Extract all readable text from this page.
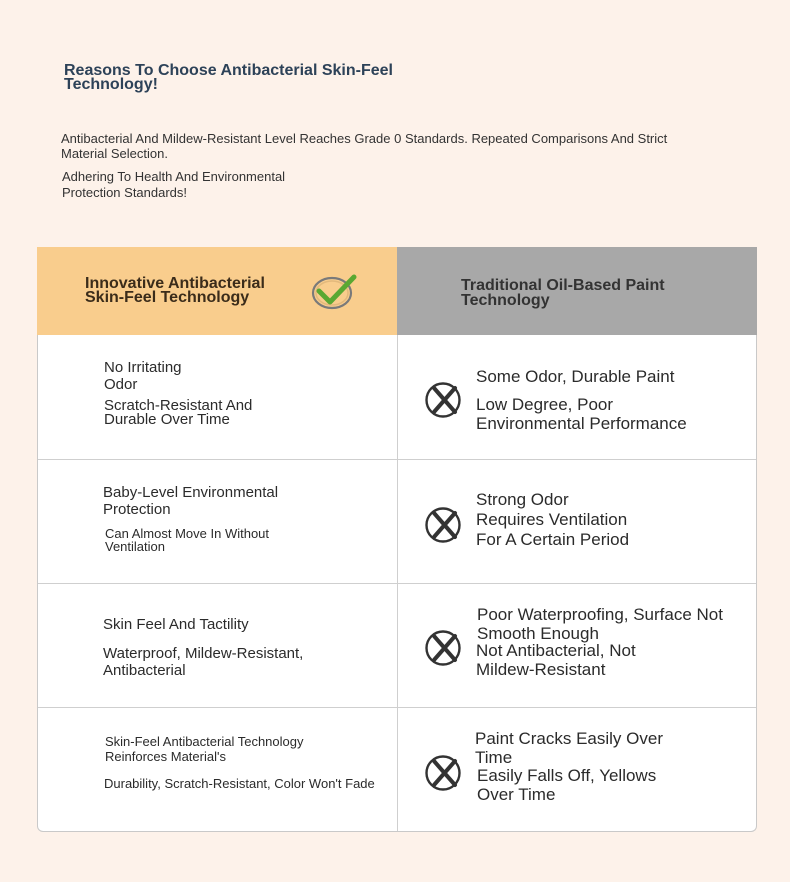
Reasons To Choose Antibacterial Skin-Feel Technology!
Antibacterial And Mildew-Resistant Level Reaches Grade 0 Standards. Repeated Comparisons And Strict Material Selection.
Adhering To Health And Environmental Protection Standards!
Innovative Antibacterial Skin-Feel Technology
Traditional Oil-Based Paint Technology
No Irritating Odor
Scratch-Resistant And Durable Over Time
Some Odor, Durable Paint
Low Degree, Poor Environmental Performance
Baby-Level Environmental Protection
Can Almost Move In Without Ventilation
Strong Odor
Requires Ventilation For A Certain Period
Skin Feel And Tactility
Waterproof, Mildew-Resistant, Antibacterial
Poor Waterproofing, Surface Not Smooth Enough
Not Antibacterial, Not Mildew-Resistant
Skin-Feel Antibacterial Technology Reinforces Material's
Durability, Scratch-Resistant, Color Won't Fade
Paint Cracks Easily Over Time
Easily Falls Off, Yellows Over Time
